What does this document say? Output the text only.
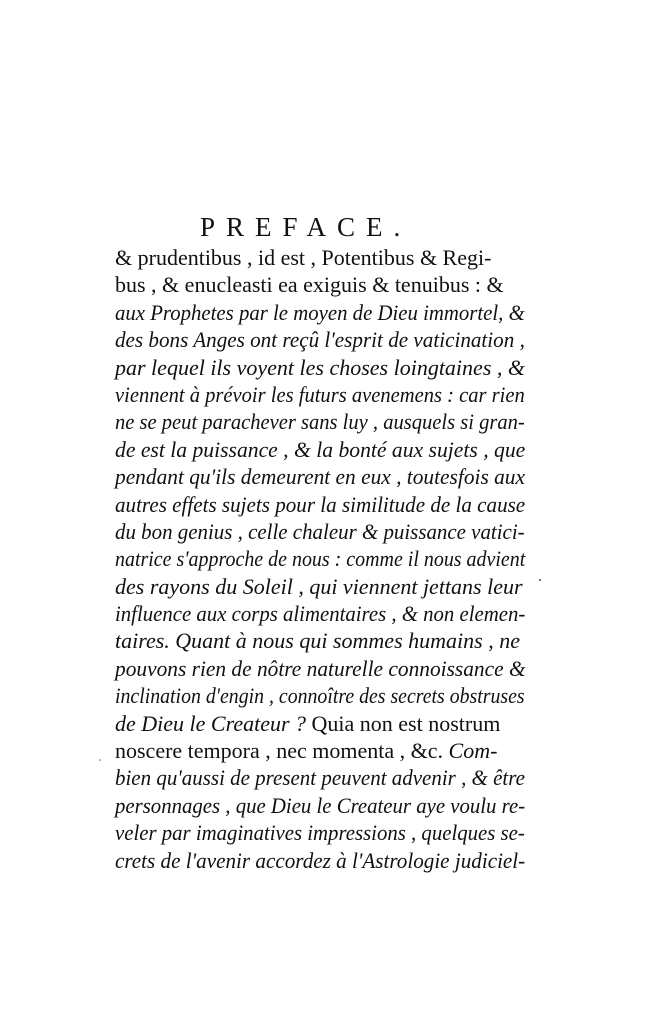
PREFACE.
& prudentibus , id est , Potentibus & Regi-
bus , & enucleasti ea exiguis & tenuibus : &
aux Prophetes par le moyen de Dieu immortel, &
des bons Anges ont reçû l'esprit de vaticination ,
par lequel ils voyent les choses loingtaines , &
viennent à prévoir les futurs avenemens : car rien
ne se peut parachever sans luy , ausquels si gran-
de est la puissance , & la bonté aux sujets , que
pendant qu'ils demeurent en eux , toutesfois aux
autres effets sujets pour la similitude de la cause
du bon genius , celle chaleur & puissance vatici-
natrice s'approche de nous : comme il nous advient
des rayons du Soleil , qui viennent jettans leur
influence aux corps alimentaires , & non elemen-
taires. Quant à nous qui sommes humains , ne
pouvons rien de nôtre naturelle connoissance &
inclination d'engin , connoître des secrets obstruses
de Dieu le Createur ? Quia non est nostrum
noscere tempora , nec momenta , &c. Com-
bien qu'aussi de present peuvent advenir , & être
personnages , que Dieu le Createur aye voulu re-
veler par imaginatives impressions , quelques se-
crets de l'avenir accordez à l'Astrologie judiciel-
